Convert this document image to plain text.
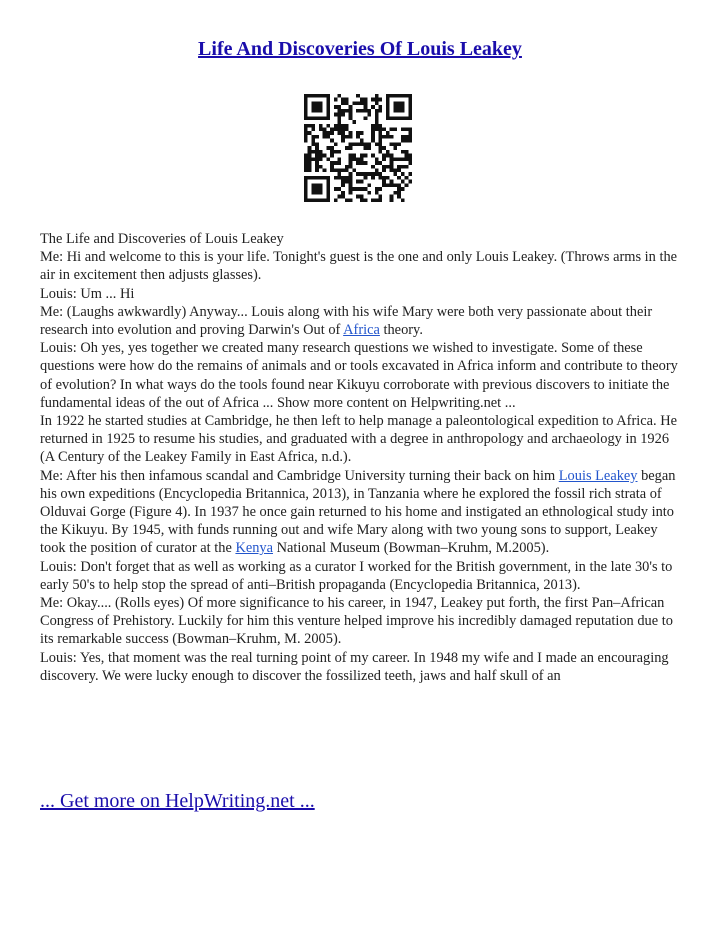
Life And Discoveries Of Louis Leakey

The Life and Discoveries of Louis Leakey

Me: Hi and welcome to this is your life. Tonight's guest is the one and only Louis Leakey. (Throws arms in the air in excitement then adjusts glasses).

Louis: Um ... Hi

Me: (Laughs awkwardly) Anyway... Louis along with his wife Mary were both very passionate about their research into evolution and proving Darwin's Out of Africa theory.

Louis: Oh yes, yes together we created many research questions we wished to investigate. Some of these questions were how do the remains of animals and or tools excavated in Africa inform and contribute to theory of evolution? In what ways do the tools found near Kikuyu corroborate with previous discovers to initiate the fundamental ideas of the out of Africa ... Show more content on Helpwriting.net ...

In 1922 he started studies at Cambridge, he then left to help manage a paleontological expedition to Africa. He returned in 1925 to resume his studies, and graduated with a degree in anthropology and archaeology in 1926 (A Century of the Leakey Family in East Africa, n.d.).

Me: After his then infamous scandal and Cambridge University turning their back on him Louis Leakey began his own expeditions (Encyclopedia Britannica, 2013), in Tanzania where he explored the fossil rich strata of Olduvai Gorge (Figure 4). In 1937 he once gain returned to his home and instigated an ethnological study into the Kikuyu. By 1945, with funds running out and wife Mary along with two young sons to support, Leakey took the position of curator at the Kenya National Museum (Bowman–Kruhm, M.2005).

Louis: Don't forget that as well as working as a curator I worked for the British government, in the late 30's to early 50's to help stop the spread of anti–British propaganda (Encyclopedia Britannica, 2013).

Me: Okay.... (Rolls eyes) Of more significance to his career, in 1947, Leakey put forth, the first Pan–African Congress of Prehistory. Luckily for him this venture helped improve his incredibly damaged reputation due to its remarkable success (Bowman–Kruhm, M. 2005).

Louis: Yes, that moment was the real turning point of my career. In 1948 my wife and I made an encouraging discovery. We were lucky enough to discover the fossilized teeth, jaws and half skull of an

... Get more on HelpWriting.net ...
